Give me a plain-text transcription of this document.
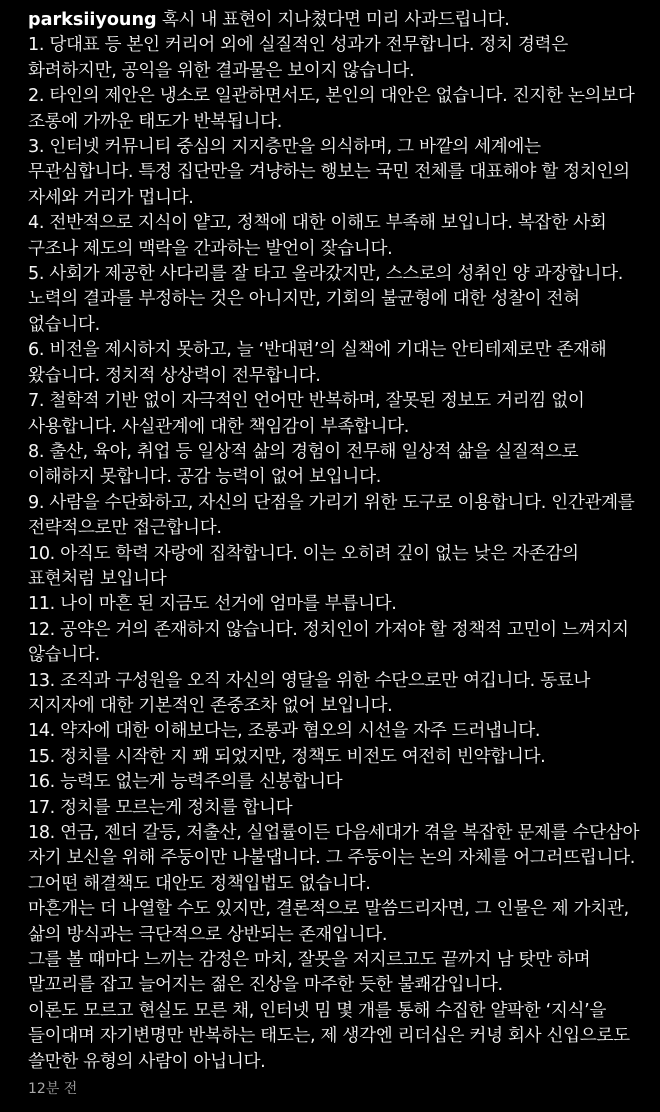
parksiiyoung 혹시 내 표현이 지나쳤다면 미리 사과드립니다.

1. 당대표 등 본인 커리어 외에 실질적인 성과가 전무합니다. 정치 경력은 화려하지만, 공익을 위한 결과물은 보이지 않습니다.

2. 타인의 제안은 냉소로 일관하면서도, 본인의 대안은 없습니다. 진지한 논의보다 조롱에 가까운 태도가 반복됩니다.

3. 인터넷 커뮤니티 중심의 지지층만을 의식하며, 그 바깥의 세계에는 무관심합니다. 특정 집단만을 겨냥하는 행보는 국민 전체를 대표해야 할 정치인의 자세와 거리가 멉니다.

4. 전반적으로 지식이 얕고, 정책에 대한 이해도 부족해 보입니다. 복잡한 사회 구조나 제도의 맥락을 간과하는 발언이 잦습니다.

5. 사회가 제공한 사다리를 잘 타고 올라갔지만, 스스로의 성취인 양 과장합니다. 노력의 결과를 부정하는 것은 아니지만, 기회의 불균형에 대한 성찰이 전혀 없습니다.

6. 비전을 제시하지 못하고, 늘 ‘반대편’의 실책에 기대는 안티테제로만 존재해 왔습니다. 정치적 상상력이 전무합니다.

7. 철학적 기반 없이 자극적인 언어만 반복하며, 잘못된 정보도 거리낌 없이 사용합니다. 사실관계에 대한 책임감이 부족합니다.

8. 출산, 육아, 취업 등 일상적 삶의 경험이 전무해 일상적 삶을 실질적으로 이해하지 못합니다. 공감 능력이 없어 보입니다.

9. 사람을 수단화하고, 자신의 단점을 가리기 위한 도구로 이용합니다. 인간관계를 전략적으로만 접근합니다.

10. 아직도 학력 자랑에 집착합니다. 이는 오히려 깊이 없는 낮은 자존감의 표현처럼 보입니다

11. 나이 마흔 된 지금도 선거에 엄마를 부릅니다.

12. 공약은 거의 존재하지 않습니다. 정치인이 가져야 할 정책적 고민이 느껴지지 않습니다.

13. 조직과 구성원을 오직 자신의 영달을 위한 수단으로만 여깁니다. 동료나 지지자에 대한 기본적인 존중조차 없어 보입니다.

14. 약자에 대한 이해보다는, 조롱과 혐오의 시선을 자주 드러냅니다.

15. 정치를 시작한 지 꽤 되었지만, 정책도 비전도 여전히 빈약합니다.

16. 능력도 없는게 능력주의를 신봉합니다

17. 정치를 모르는게 정치를 합니다

18. 연금, 젠더 갈등, 저출산, 실업률이든 다음세대가 겪을 복잡한 문제를 수단삼아 자기 보신을 위해 주둥이만 나불댑니다. 그 주둥이는 논의 자체를 어그러뜨립니다. 그어떤 해결책도 대안도 정책입법도 없습니다.

마흔개는 더 나열할 수도 있지만, 결론적으로 말씀드리자면, 그 인물은 제 가치관, 삶의 방식과는 극단적으로 상반되는 존재입니다.

그를 볼 때마다 느끼는 감정은 마치, 잘못을 저지르고도 끝까지 남 탓만 하며 말꼬리를 잡고 늘어지는 젊은 진상을 마주한 듯한 불쾌감입니다.

이론도 모르고 현실도 모른 채, 인터넷 밈 몇 개를 통해 수집한 얄팍한 ‘지식’을 들이대며 자기변명만 반복하는 태도는, 제 생각엔 리더십은 커녕 회사 신입으로도 쓸만한 유형의 사람이 아닙니다.

12분 전
